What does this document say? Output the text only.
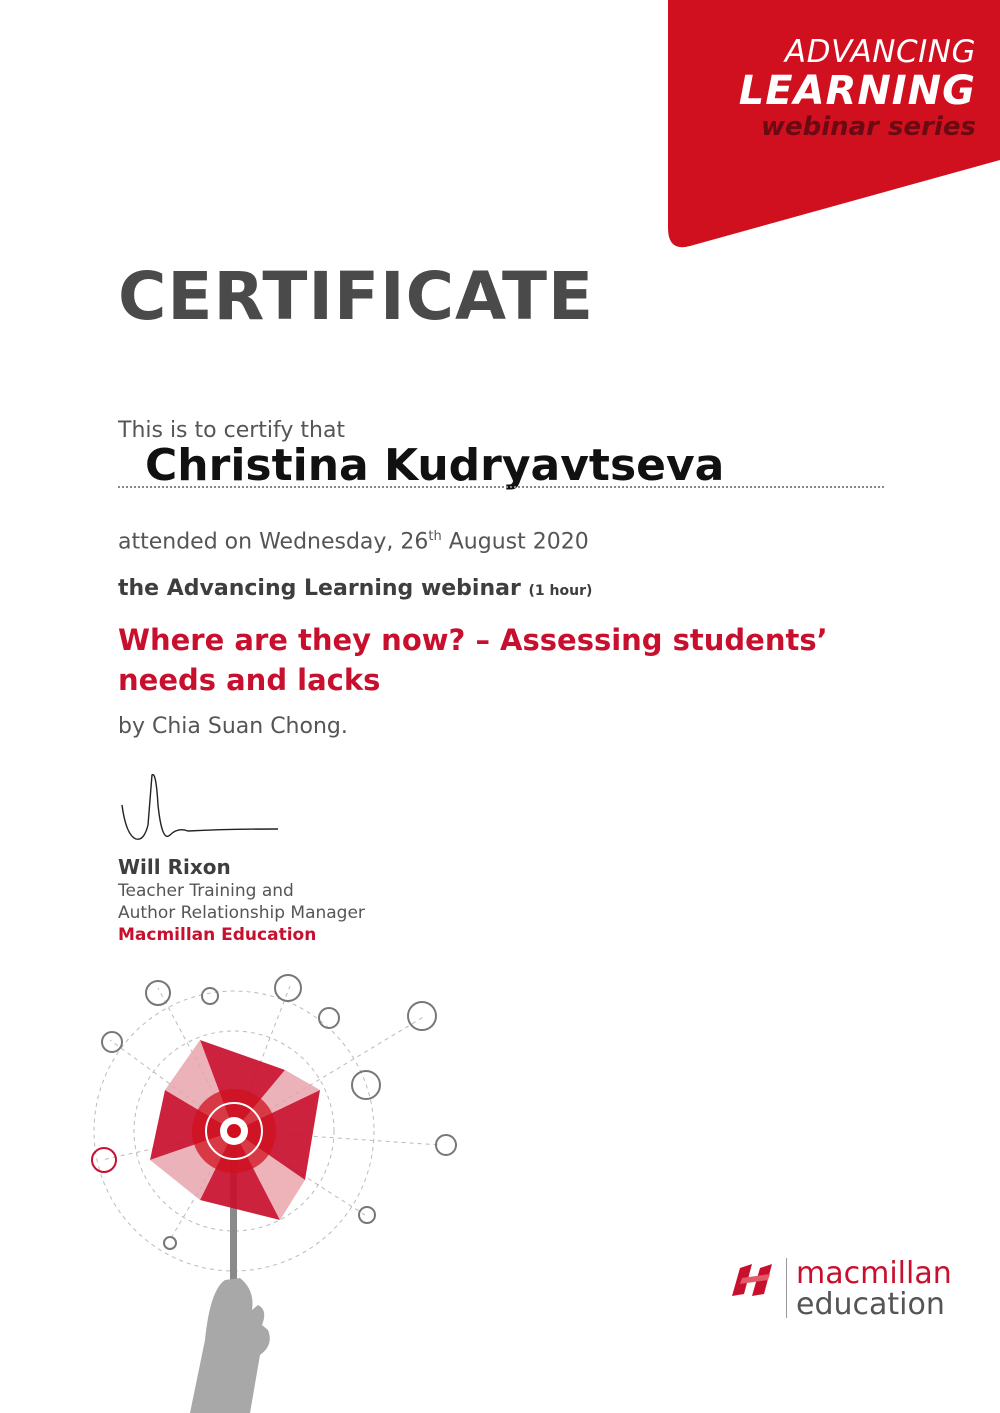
ADVANCING
LEARNING
webinar series
CERTIFICATE
This is to certify that
Christina Kudryavtseva
attended on Wednesday, 26th August 2020
the Advancing Learning webinar (1 hour)
Where are they now? – Assessing students’ needs and lacks
by Chia Suan Chong.
Will Rixon
Teacher Training and
Author Relationship Manager
Macmillan Education
macmillan
education
